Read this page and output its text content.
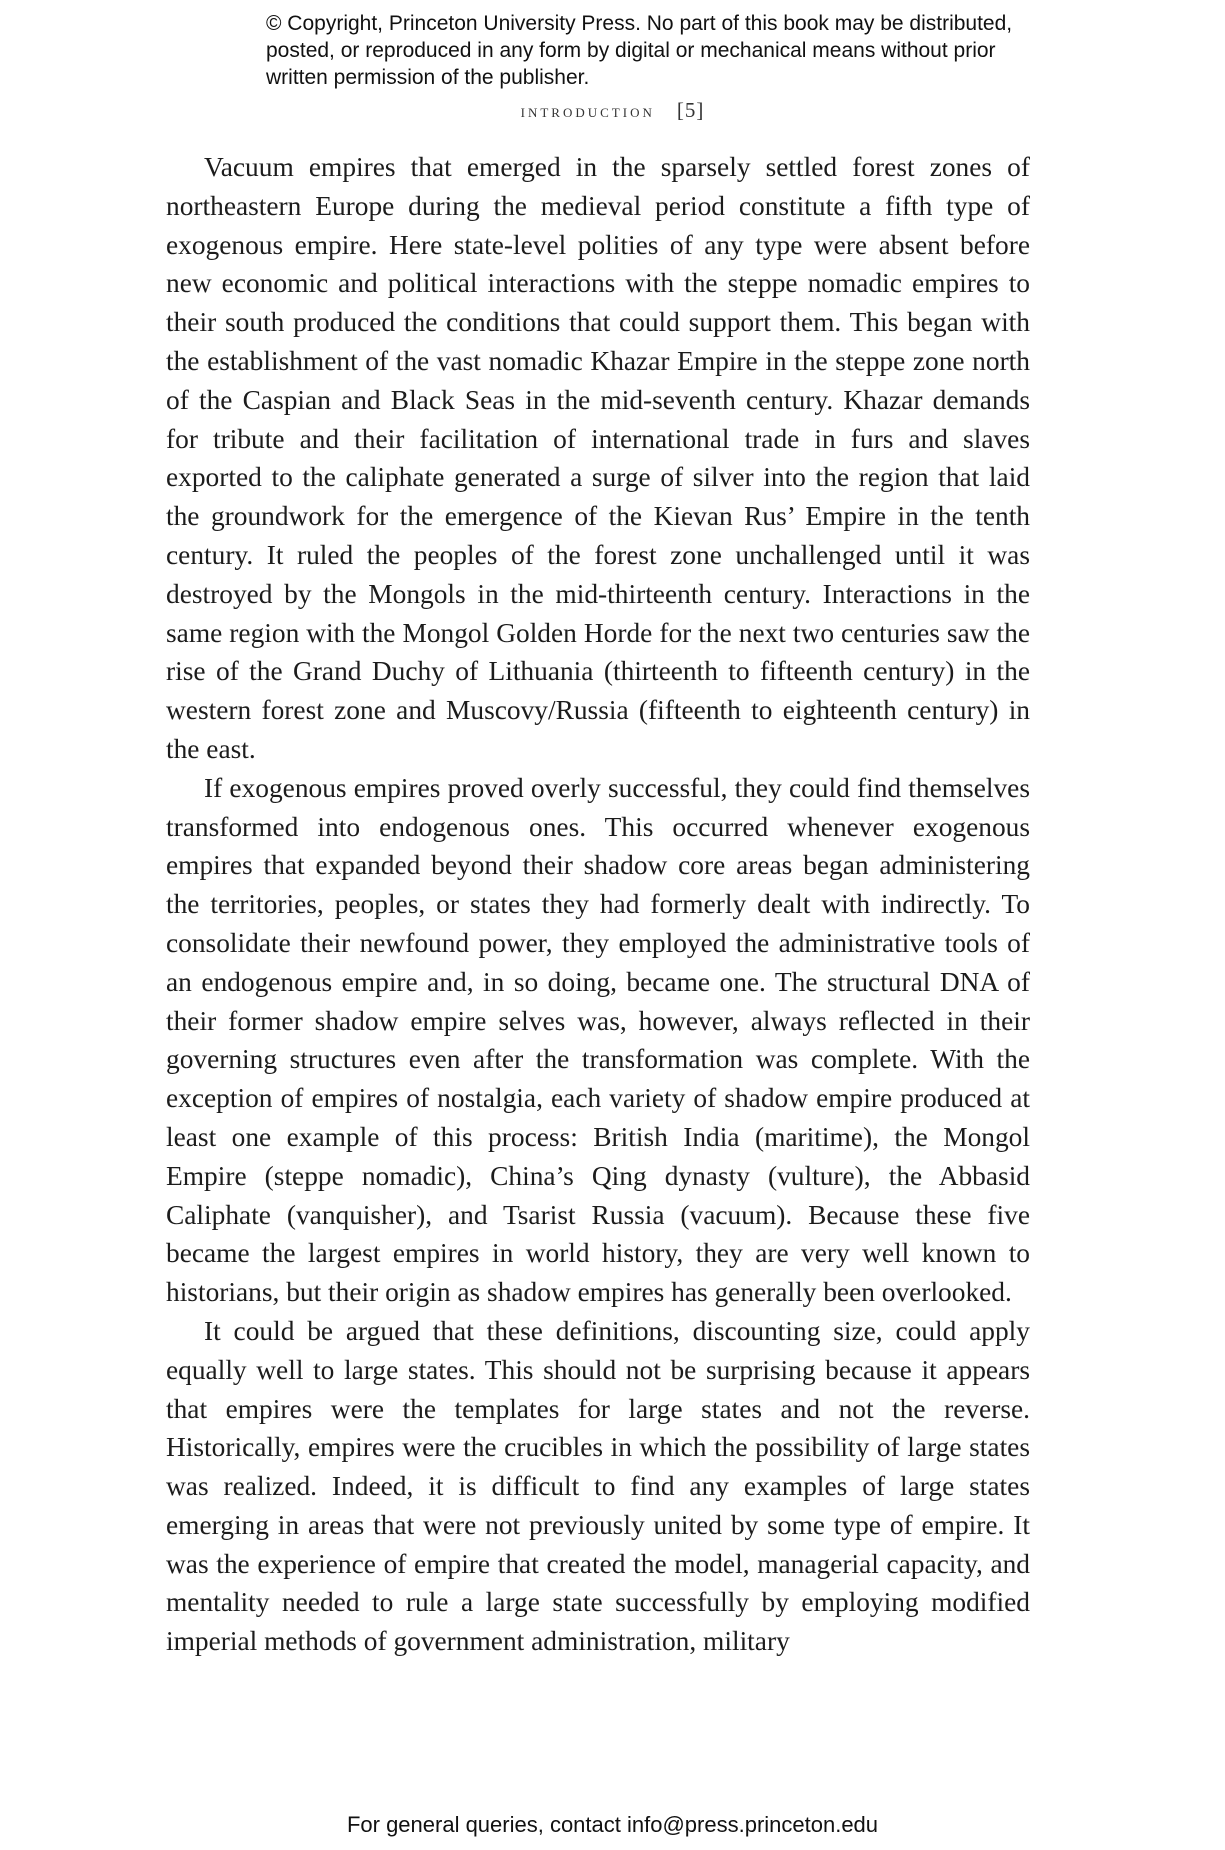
© Copyright, Princeton University Press. No part of this book may be distributed, posted, or reproduced in any form by digital or mechanical means without prior written permission of the publisher.
introduction [5]

Vacuum empires that emerged in the sparsely settled forest zones of northeastern Europe during the medieval period constitute a fifth type of exogenous empire. Here state-level polities of any type were absent before new economic and political interactions with the steppe nomadic empires to their south produced the conditions that could support them. This began with the establishment of the vast nomadic Khazar Empire in the steppe zone north of the Caspian and Black Seas in the mid-seventh century. Khazar demands for tribute and their facilitation of international trade in furs and slaves exported to the caliphate generated a surge of silver into the region that laid the groundwork for the emergence of the Kievan Rus’ Empire in the tenth century. It ruled the peoples of the forest zone unchallenged until it was destroyed by the Mongols in the mid-thirteenth century. Interactions in the same region with the Mongol Golden Horde for the next two centuries saw the rise of the Grand Duchy of Lithuania (thirteenth to fifteenth century) in the western forest zone and Muscovy/​Russia (fifteenth to eighteenth century) in the east.

If exogenous empires proved overly successful, they could find themselves transformed into endogenous ones. This occurred whenever exogenous empires that expanded beyond their shadow core areas began administering the territories, peoples, or states they had formerly dealt with indirectly. To consolidate their newfound power, they employed the administrative tools of an endogenous empire and, in so doing, became one. The structural DNA of their former shadow empire selves was, however, always reflected in their governing structures even after the transformation was complete. With the exception of empires of nostalgia, each variety of shadow empire produced at least one example of this process: British India (maritime), the Mongol Empire (steppe nomadic), China’s Qing dynasty (vulture), the Abbasid Caliphate (vanquisher), and Tsarist Russia (vacuum). Because these five became the largest empires in world history, they are very well known to historians, but their origin as shadow empires has generally been overlooked.

It could be argued that these definitions, discounting size, could apply equally well to large states. This should not be surprising because it appears that empires were the templates for large states and not the reverse. Historically, empires were the crucibles in which the possibility of large states was realized. Indeed, it is difficult to find any examples of large states emerging in areas that were not previously united by some type of empire. It was the experience of empire that created the model, managerial capacity, and mentality needed to rule a large state successfully by employing modified imperial methods of government administration, military

For general queries, contact info@press.princeton.edu
